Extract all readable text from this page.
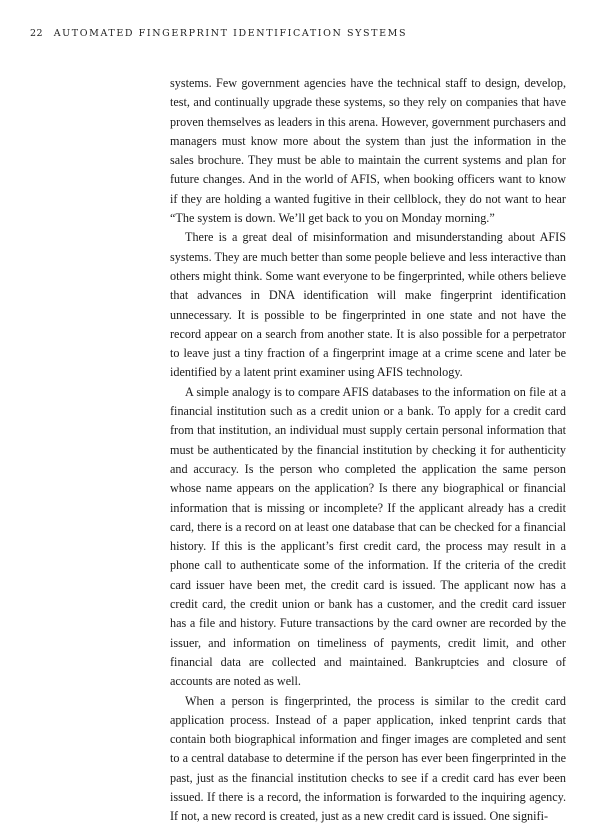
22 AUTOMATED FINGERPRINT IDENTIFICATION SYSTEMS

systems. Few government agencies have the technical staff to design, develop, test, and continually upgrade these systems, so they rely on companies that have proven themselves as leaders in this arena. However, government purchasers and managers must know more about the system than just the information in the sales brochure. They must be able to maintain the current systems and plan for future changes. And in the world of AFIS, when booking officers want to know if they are holding a wanted fugitive in their cellblock, they do not want to hear “The system is down. We’ll get back to you on Monday morning.”

There is a great deal of misinformation and misunderstanding about AFIS systems. They are much better than some people believe and less interactive than others might think. Some want everyone to be fingerprinted, while others believe that advances in DNA identification will make fingerprint identification unnecessary. It is possible to be fingerprinted in one state and not have the record appear on a search from another state. It is also possible for a perpetrator to leave just a tiny fraction of a fingerprint image at a crime scene and later be identified by a latent print examiner using AFIS technology.

A simple analogy is to compare AFIS databases to the information on file at a financial institution such as a credit union or a bank. To apply for a credit card from that institution, an individual must supply certain personal information that must be authenticated by the financial institution by checking it for authenticity and accuracy. Is the person who completed the application the same person whose name appears on the application? Is there any biographical or financial information that is missing or incomplete? If the applicant already has a credit card, there is a record on at least one database that can be checked for a financial history. If this is the applicant’s first credit card, the process may result in a phone call to authenticate some of the information. If the criteria of the credit card issuer have been met, the credit card is issued. The applicant now has a credit card, the credit union or bank has a customer, and the credit card issuer has a file and history. Future transactions by the card owner are recorded by the issuer, and information on timeliness of payments, credit limit, and other financial data are collected and maintained. Bankruptcies and closure of accounts are noted as well.

When a person is fingerprinted, the process is similar to the credit card application process. Instead of a paper application, inked tenprint cards that contain both biographical information and finger images are completed and sent to a central database to determine if the person has ever been fingerprinted in the past, just as the financial institution checks to see if a credit card has ever been issued. If there is a record, the information is forwarded to the inquiring agency. If not, a new record is created, just as a new credit card is issued. One signifi-
